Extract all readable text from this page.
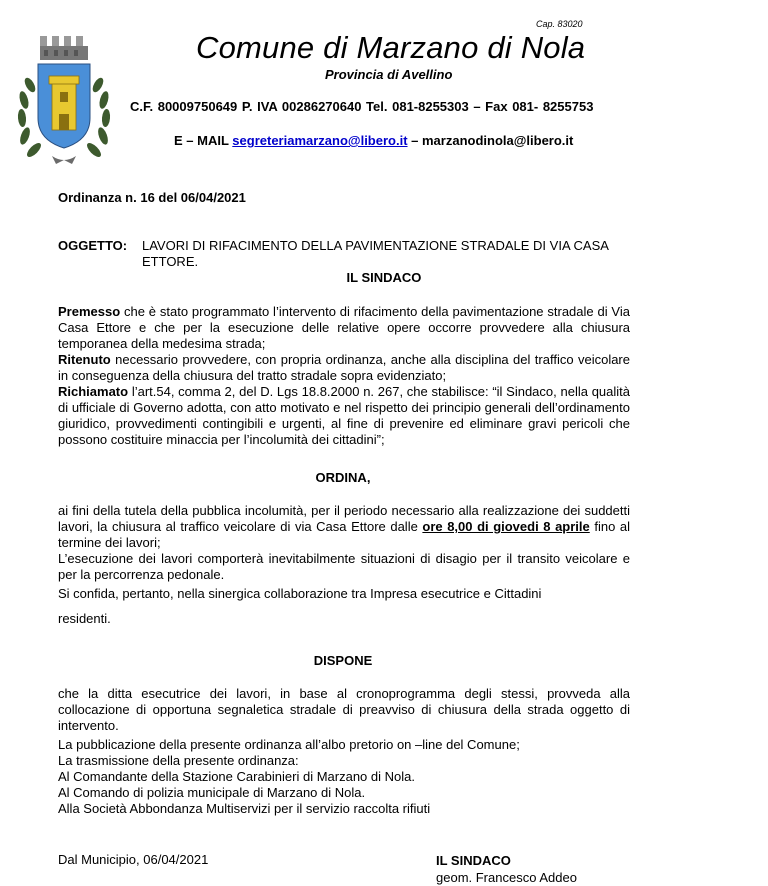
Cap. 83020
Comune di Marzano di Nola
Provincia di Avellino
C.F. 80009750649 P. IVA 00286270640 Tel. 081-8255303 – Fax 081- 8255753
E – MAIL segreteriamarzano@libero.it – marzanodinola@libero.it
Ordinanza n. 16 del 06/04/2021
OGGETTO: LAVORI DI RIFACIMENTO DELLA PAVIMENTAZIONE STRADALE DI VIA CASA ETTORE.
IL SINDACO

Premesso che è stato programmato l’intervento di rifacimento della pavimentazione stradale di Via Casa Ettore e che per la esecuzione delle relative opere occorre provvedere alla chiusura temporanea della medesima strada;

Ritenuto necessario provvedere, con propria ordinanza, anche alla disciplina del traffico veicolare in conseguenza della chiusura del tratto stradale sopra evidenziato;

Richiamato l’art.54, comma 2, del D. Lgs 18.8.2000 n. 267, che stabilisce: “il Sindaco, nella qualità di ufficiale di Governo adotta, con atto motivato e nel rispetto dei principio generali dell’ordinamento giuridico, provvedimenti contingibili e urgenti, al fine di prevenire ed eliminare gravi pericoli che possono costituire minaccia per l’incolumità dei cittadini”;

ORDINA,

ai fini della tutela della pubblica incolumità, per il periodo necessario alla realizzazione dei suddetti lavori, la chiusura al traffico veicolare di via Casa Ettore dalle ore 8,00 di giovedi 8 aprile fino al termine dei lavori;

L’esecuzione dei lavori comporterà inevitabilmente situazioni di disagio per il transito veicolare e per la percorrenza pedonale.

Si confida, pertanto, nella sinergica collaborazione tra Impresa esecutrice e Cittadini
residenti.
DISPONE
che la ditta esecutrice dei lavori, in base al cronoprogramma degli stessi, provveda alla collocazione di opportuna segnaletica stradale di preavviso di chiusura della strada oggetto di intervento.
La pubblicazione della presente ordinanza all’albo pretorio on –line del Comune;
La trasmissione della presente ordinanza:
Al Comandante della Stazione Carabinieri di Marzano di Nola.
Al Comando di polizia municipale di Marzano di Nola.
Alla Società Abbondanza Multiservizi per il servizio raccolta rifiuti
Dal Municipio, 06/04/2021	IL SINDACO
geom. Francesco Addeo
